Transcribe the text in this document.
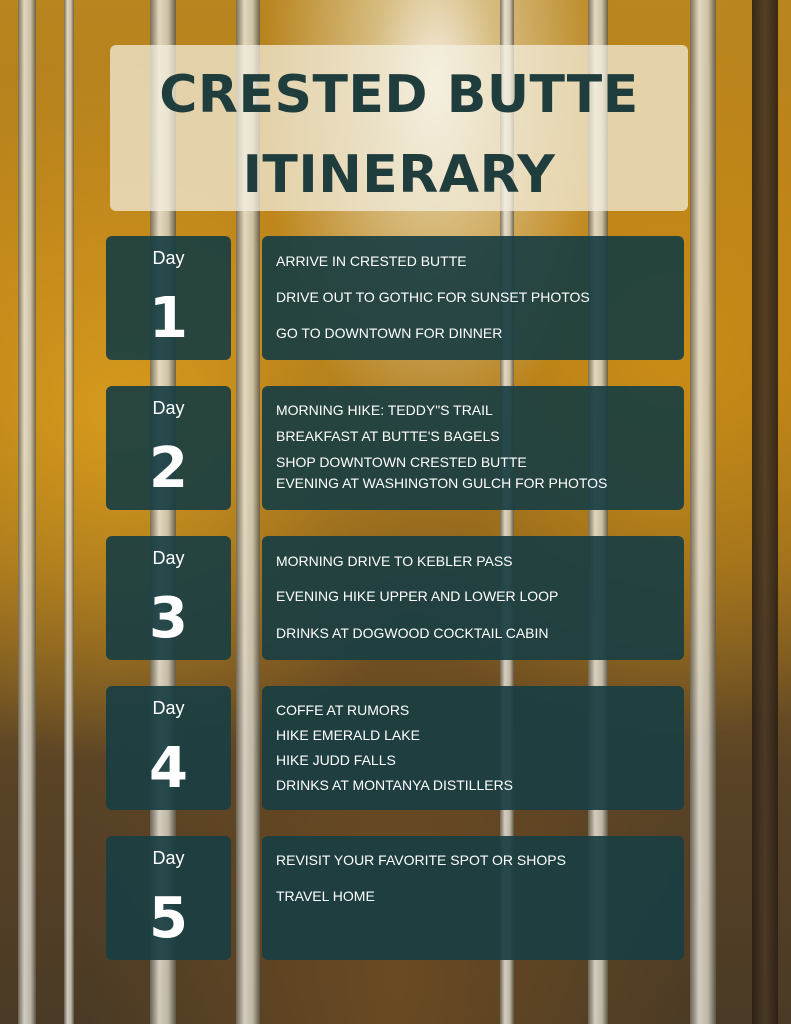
CRESTED BUTTE
ITINERARY
Day
1
ARRIVE IN CRESTED BUTTE
DRIVE OUT TO GOTHIC FOR SUNSET PHOTOS
GO TO DOWNTOWN FOR DINNER
Day
2
MORNING HIKE: TEDDY"S TRAIL
BREAKFAST AT BUTTE'S BAGELS
SHOP DOWNTOWN CRESTED BUTTE
EVENING AT WASHINGTON GULCH FOR PHOTOS
Day
3
MORNING DRIVE TO KEBLER PASS
EVENING HIKE UPPER AND LOWER LOOP
DRINKS AT DOGWOOD COCKTAIL CABIN
Day
4
COFFE AT RUMORS
HIKE EMERALD LAKE
HIKE JUDD FALLS
DRINKS AT MONTANYA DISTILLERS
Day
5
REVISIT YOUR FAVORITE SPOT OR SHOPS
TRAVEL HOME
